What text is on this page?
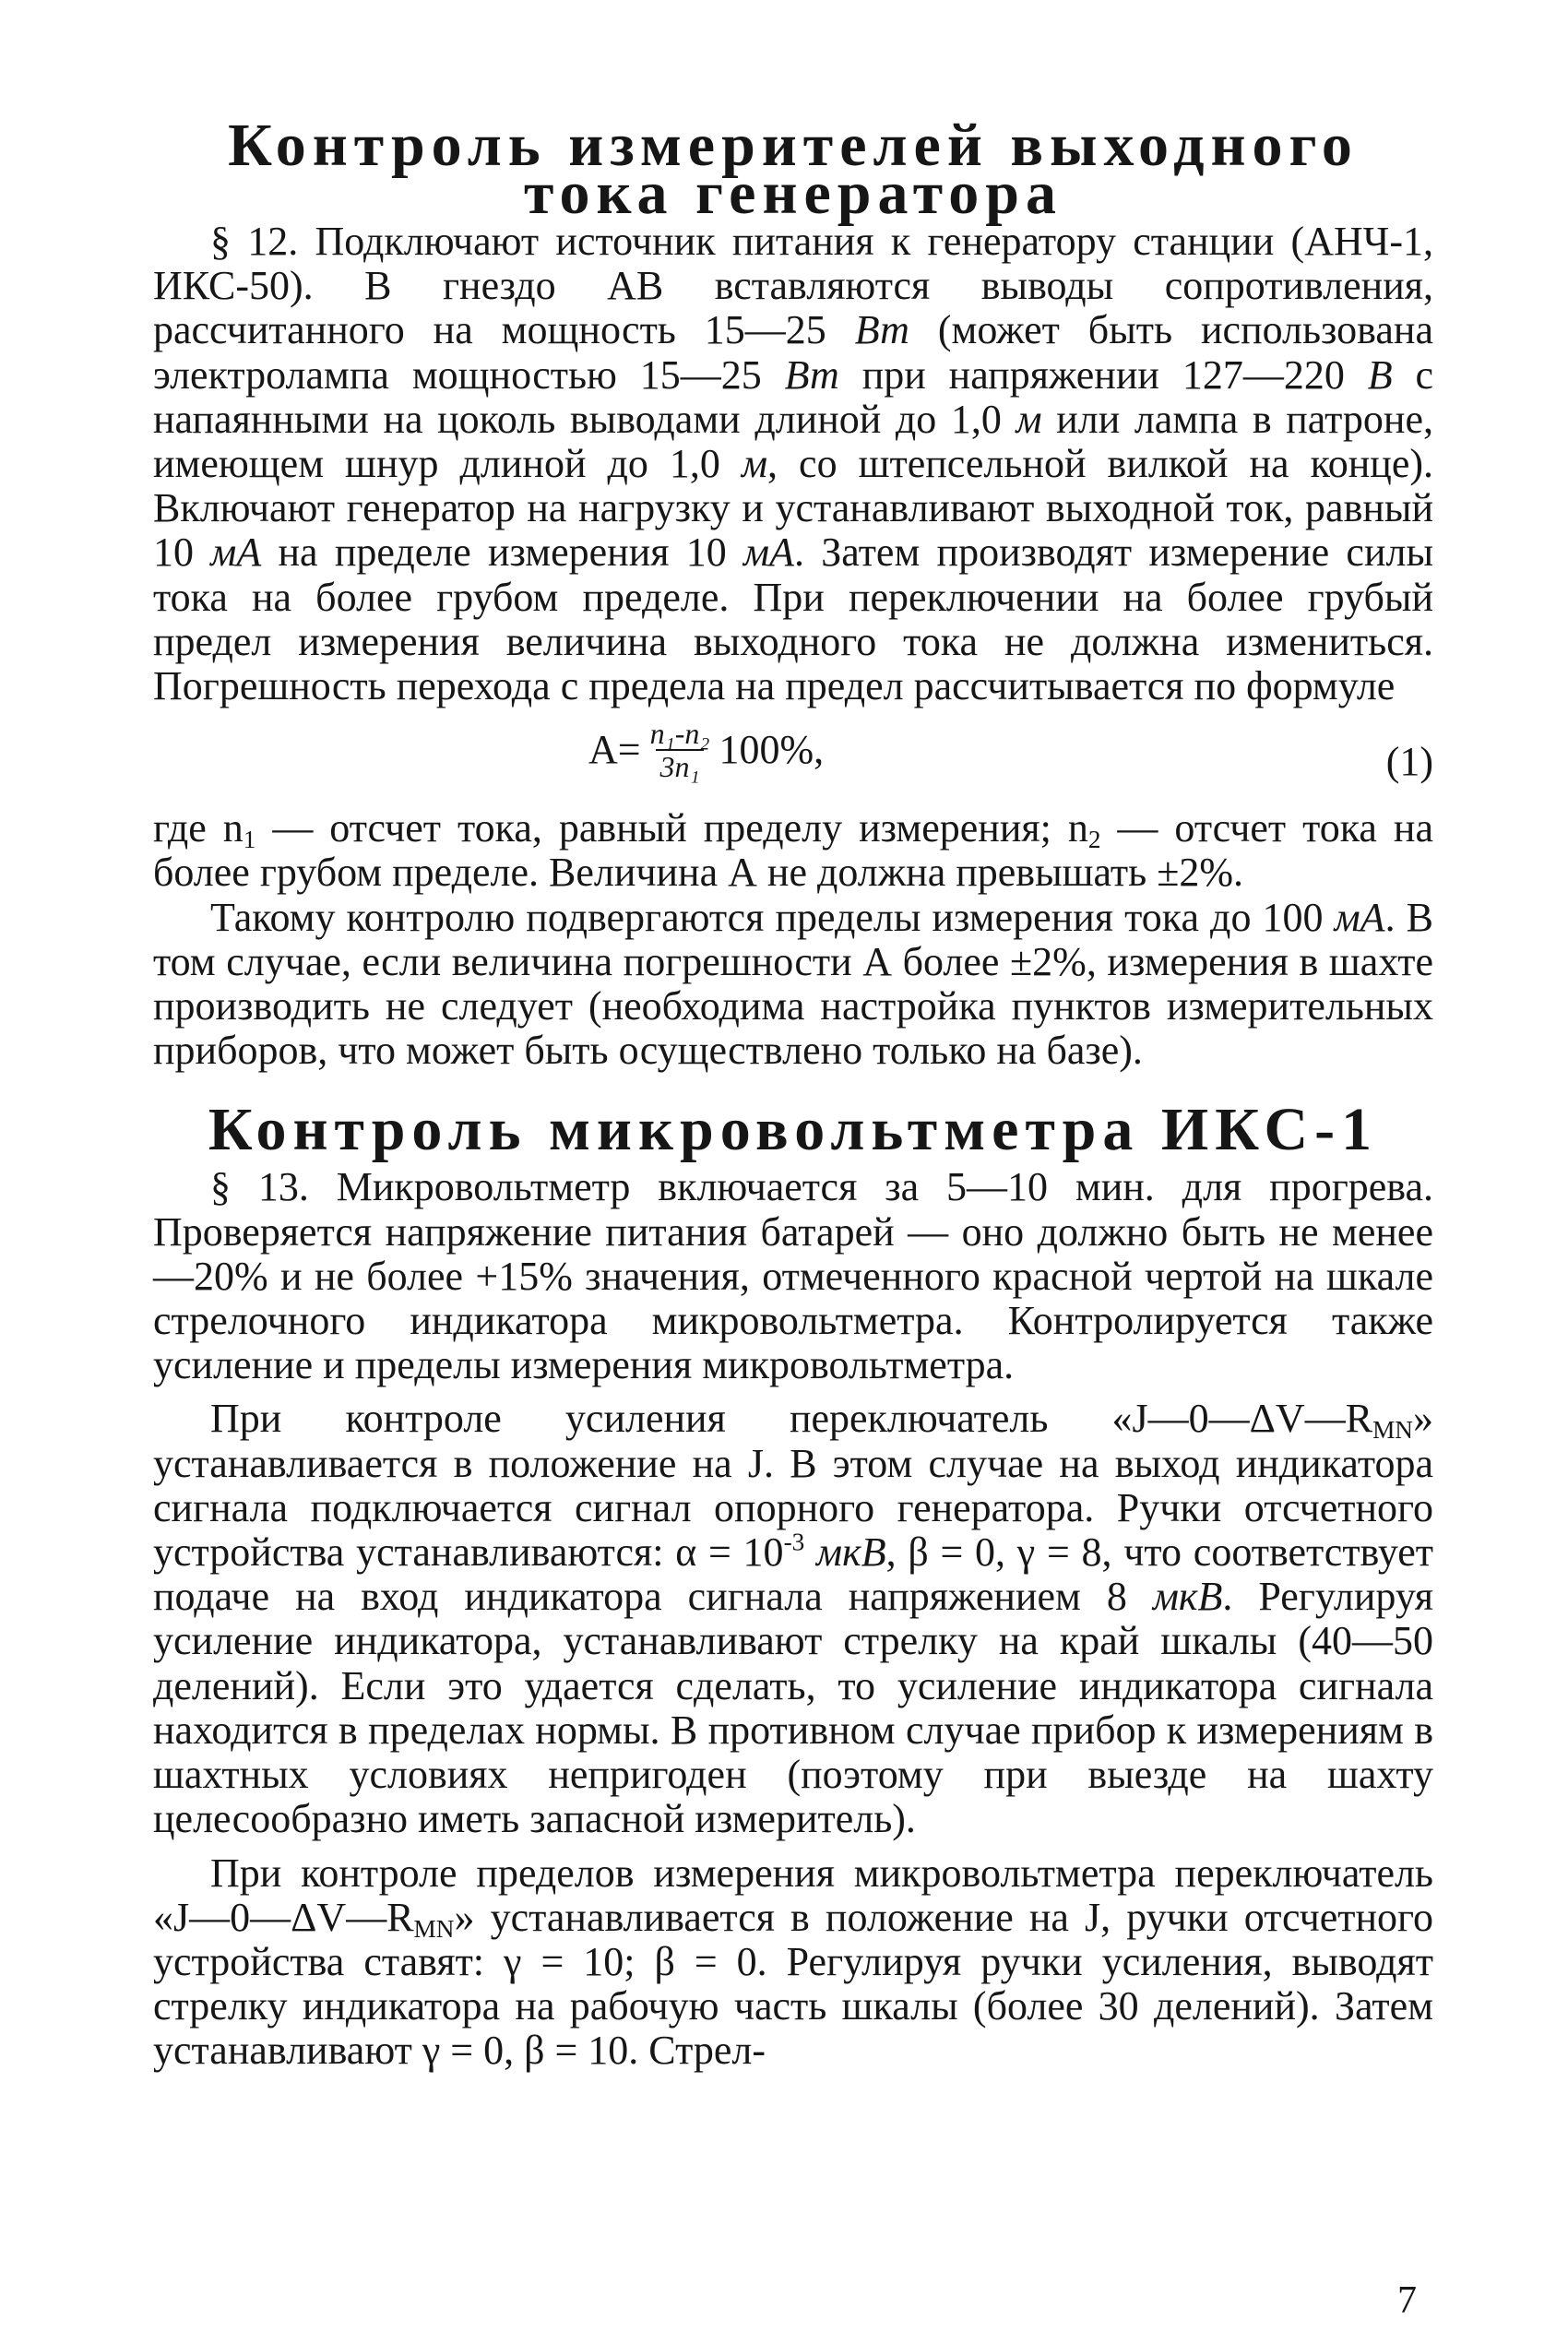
Контроль измерителей выходного тока генератора

§ 12. Подключают источник питания к генератору станции (АНЧ-1, ИКС-50). В гнездо АВ вставляются выводы сопротивления, рассчитанного на мощность 15—25 Вт (может быть использована электролампа мощностью 15—25 Вт при напряжении 127—220 В с напаянными на цоколь выводами длиной до 1,0 м или лампа в патроне, имеющем шнур длиной до 1,0 м, со штепсельной вилкой на конце). Включают генератор на нагрузку и устанавливают выходной ток, равный 10 мА на пределе измерения 10 мА. Затем производят измерение силы тока на более грубом пределе. При переключении на более грубый предел измерения величина выходного тока не должна измениться. Погрешность перехода с предела на предел рассчитывается по формуле

$A= \frac{\text{n₁-n₂}}{\text{3n₁}} 100\%$,	(1)

где $n_1$ — отсчет тока, равный пределу измерения; $n_2$ — отсчет тока на более грубом пределе. Величина А не должна превышать ±2%.

Такому контролю подвергаются пределы измерения тока до 100 мА. В том случае, если величина погрешности А более ±2%, измерения в шахте производить не следует (необходима настройка пунктов измерительных приборов, что может быть осуществлено только на базе).

Контроль микровольтметра ИКС-1

§ 13. Микровольтметр включается за 5—10 мин. для прогрева. Проверяется напряжение питания батарей — оно должно быть не менее —20% и не более +15% значения, отмеченного красной чертой на шкале стрелочного индикатора микровольтметра. Контролируется также усиление и пределы измерения микровольтметра.

При контроле усиления переключатель «$J—0—\Delta V—R_{MN}$» устанавливается в положение на J. В этом случае на выход индикатора сигнала подключается сигнал опорного генератора. Ручки отсчетного устройства устанавливаются: $\alpha = 10^{-3}$ мкВ, β = 0, γ = 8, что соответствует подаче на вход индикатора сигнала напряжением 8 мкВ. Регулируя усиление индикатора, устанавливают стрелку на край шкалы (40—50 делений). Если это удается сделать, то усиление индикатора сигнала находится в пределах нормы. В противном случае прибор к измерениям в шахтных условиях непригоден (поэтому при выезде на шахту целесообразно иметь запасной измеритель).

При контроле пределов измерения микровольтметра переключатель «$J—0—\Delta V—R_{MN}$» устанавливается в положение на J, ручки отсчетного устройства ставят: γ = 10; β = 0. Регулируя ручки усиления, выводят стрелку индикатора на рабочую часть шкалы (более 30 делений). Затем устанавливают γ = 0, β = 10. Стрел-

7
